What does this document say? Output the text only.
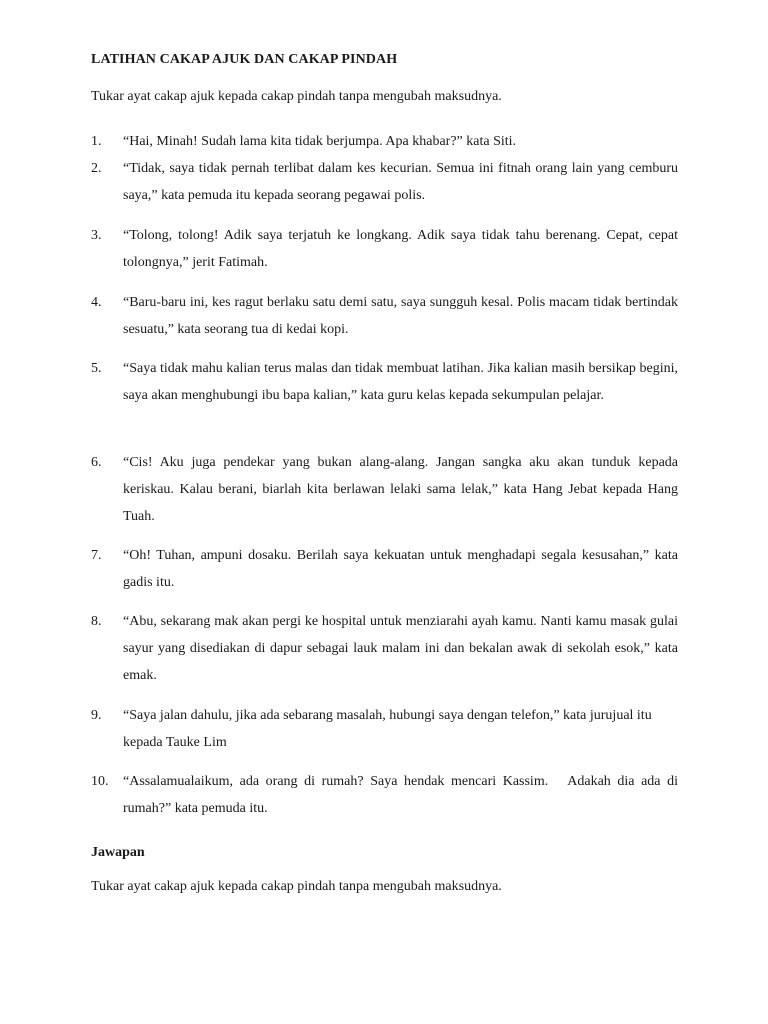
LATIHAN CAKAP AJUK DAN CAKAP PINDAH
Tukar ayat cakap ajuk kepada cakap pindah tanpa mengubah maksudnya.
1.	“Hai, Minah! Sudah lama kita tidak berjumpa. Apa khabar?” kata Siti.
2.	“Tidak, saya tidak pernah terlibat dalam kes kecurian. Semua ini fitnah orang lain yang cemburu saya,” kata pemuda itu kepada seorang pegawai polis.
3.	“Tolong, tolong! Adik saya terjatuh ke longkang. Adik saya tidak tahu berenang. Cepat, cepat tolongnya,” jerit Fatimah.
4.	“Baru-baru ini, kes ragut berlaku satu demi satu, saya sungguh kesal. Polis macam tidak bertindak sesuatu,” kata seorang tua di kedai kopi.
5.	“Saya tidak mahu kalian terus malas dan tidak membuat latihan. Jika kalian masih bersikap begini, saya akan menghubungi ibu bapa kalian,” kata guru kelas kepada sekumpulan pelajar.
6.	“Cis! Aku juga pendekar yang bukan alang-alang. Jangan sangka aku akan tunduk kepada keriskau. Kalau berani, biarlah kita berlawan lelaki sama lelak,” kata Hang Jebat kepada Hang Tuah.
7.	“Oh! Tuhan, ampuni dosaku. Berilah saya kekuatan untuk menghadapi segala kesusahan,” kata gadis itu.
8.	“Abu, sekarang mak akan pergi ke hospital untuk menziarahi ayah kamu. Nanti kamu masak gulai sayur yang disediakan di dapur sebagai lauk malam ini dan bekalan awak di sekolah esok,” kata emak.
9.	“Saya jalan dahulu, jika ada sebarang masalah, hubungi saya dengan telefon,” kata jurujual itu kepada Tauke Lim
10.	“Assalamualaikum, ada orang di rumah? Saya hendak mencari Kassim.   Adakah dia ada di rumah?” kata pemuda itu.
Jawapan
Tukar ayat cakap ajuk kepada cakap pindah tanpa mengubah maksudnya.
